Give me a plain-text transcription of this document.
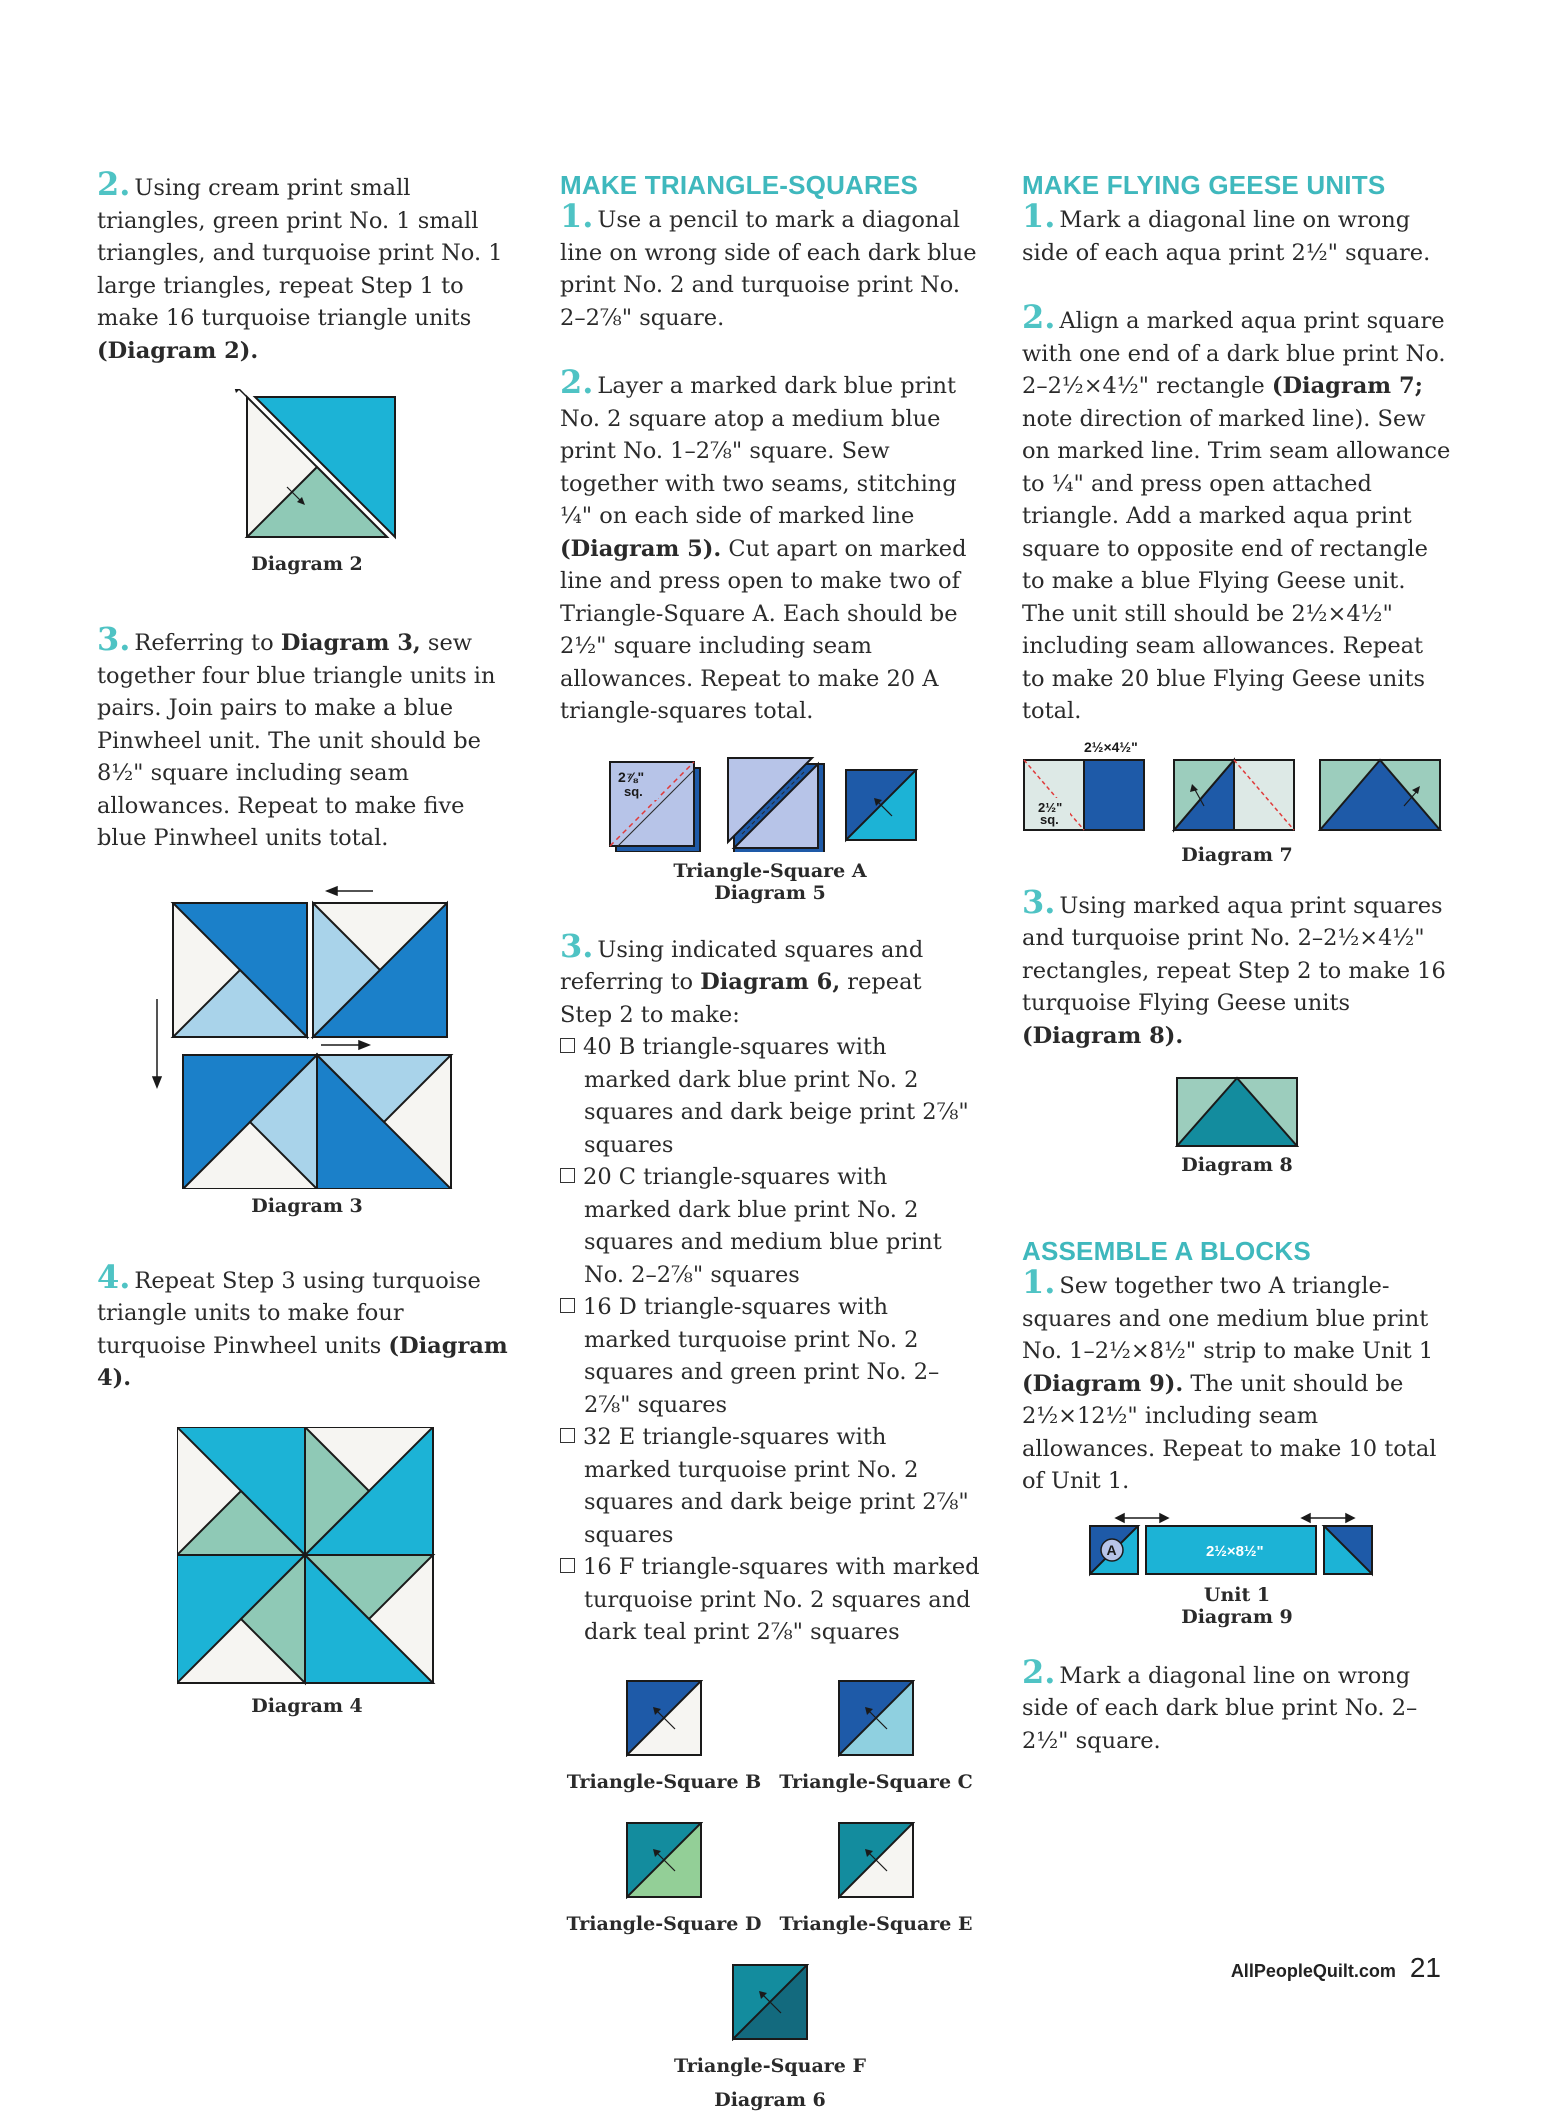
2. Using cream print small triangles, green print No. 1 small triangles, and turquoise print No. 1 large triangles, repeat Step 1 to make 16 turquoise triangle units (Diagram 2).

Diagram 2

3. Referring to Diagram 3, sew together four blue triangle units in pairs. Join pairs to make a blue Pinwheel unit. The unit should be 8½" square including seam allowances. Repeat to make five blue Pinwheel units total.

Diagram 3

4. Repeat Step 3 using turquoise triangle units to make four turquoise Pinwheel units (Diagram 4).

Diagram 4

MAKE TRIANGLE-SQUARES

1. Use a pencil to mark a diagonal line on wrong side of each dark blue print No. 2 and turquoise print No. 2–2⅞" square.

2. Layer a marked dark blue print No. 2 square atop a medium blue print No. 1–2⅞" square. Sew together with two seams, stitching ¼" on each side of marked line (Diagram 5). Cut apart on marked line and press open to make two of Triangle-Square A. Each should be 2½" square including seam allowances. Repeat to make 20 A triangle-squares total.

2⅞"
sq.

Triangle-Square A

Diagram 5

3. Using indicated squares and referring to Diagram 6, repeat Step 2 to make:

40 B triangle-squares with marked dark blue print No. 2 squares and dark beige print 2⅞" squares

20 C triangle-squares with marked dark blue print No. 2 squares and medium blue print No. 2–2⅞" squares

16 D triangle-squares with marked turquoise print No. 2 squares and green print No. 2–2⅞" squares

32 E triangle-squares with marked turquoise print No. 2 squares and dark beige print 2⅞" squares

16 F triangle-squares with marked turquoise print No. 2 squares and dark teal print 2⅞" squares

Triangle-Square B Triangle-Square C

Triangle-Square D Triangle-Square E

Triangle-Square F

Diagram 6

MAKE FLYING GEESE UNITS

1. Mark a diagonal line on wrong side of each aqua print 2½" square.

2. Align a marked aqua print square with one end of a dark blue print No. 2–2½×4½" rectangle (Diagram 7; note direction of marked line). Sew on marked line. Trim seam allowance to ¼" and press open attached triangle. Add a marked aqua print square to opposite end of rectangle to make a blue Flying Geese unit. The unit still should be 2½×4½" including seam allowances. Repeat to make 20 blue Flying Geese units total.

2½×4½"
2½"
sq.

Diagram 7

3. Using marked aqua print squares and turquoise print No. 2–2½×4½" rectangles, repeat Step 2 to make 16 turquoise Flying Geese units (Diagram 8).

Diagram 8

ASSEMBLE A BLOCKS

1. Sew together two A triangle-squares and one medium blue print No. 1–2½×8½" strip to make Unit 1 (Diagram 9). The unit should be 2½×12½" including seam allowances. Repeat to make 10 total of Unit 1.

A	2½×8½"

Unit 1

Diagram 9

2. Mark a diagonal line on wrong side of each dark blue print No. 2–2½" square.

AllPeopleQuilt.com 21
